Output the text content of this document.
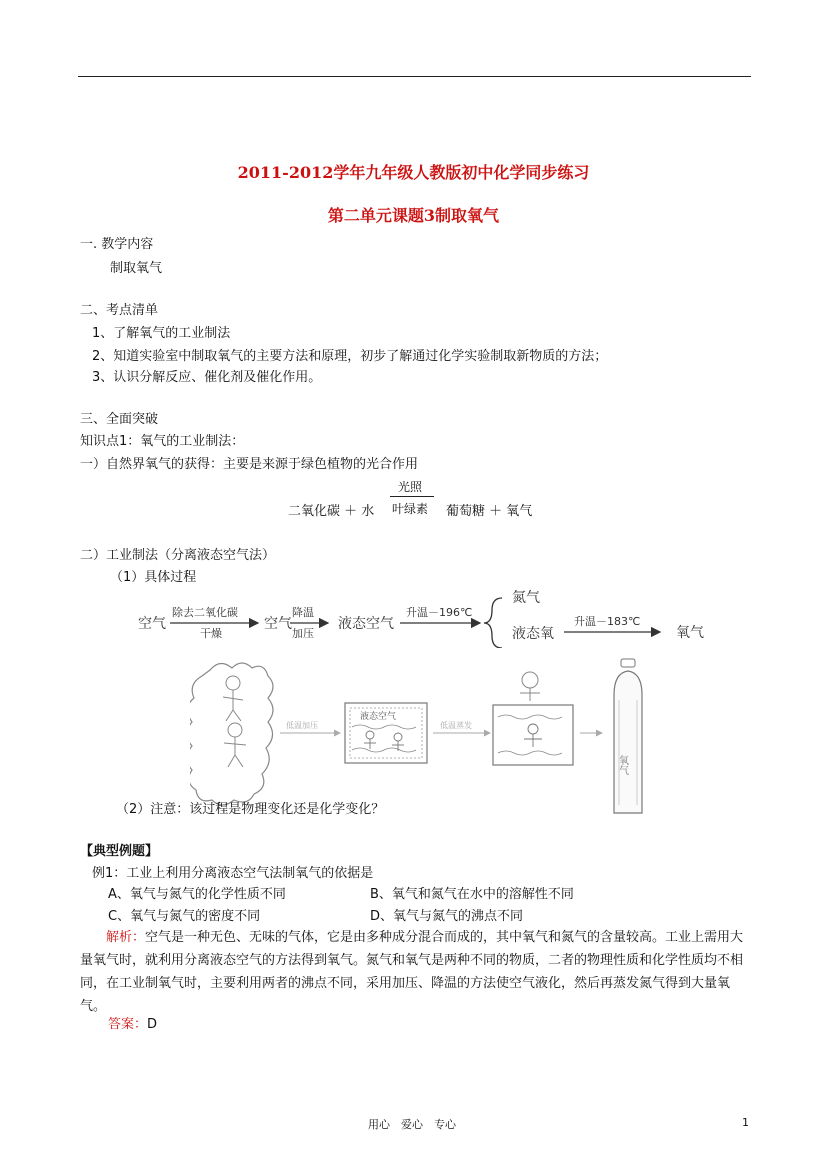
2011-2012学年九年级人教版初中化学同步练习
第二单元课题3制取氧气
一. 教学内容
制取氧气
二、考点清单
1、了解氧气的工业制法
2、知道实验室中制取氧气的主要方法和原理，初步了解通过化学实验制取新物质的方法；
3、认识分解反应、催化剂及催化作用。
三、全面突破
知识点1：氧气的工业制法：
一）自然界氧气的获得：主要是来源于绿色植物的光合作用
二氧化碳 ＋ 水
光照
叶绿素 葡萄糖 ＋ 氧气
二）工业制法（分离液态空气法）
（1）具体过程
空气
除去二氧化碳
干燥
空气
降温
加压
液态空气
升温－196℃
氮气
液态氧
升温－183℃
氧气
低温加压
液态空气
低温蒸发
氧气
（2）注意：该过程是物理变化还是化学变化？
【典型例题】
例1：工业上利用分离液态空气法制氧气的依据是
A、氧气与氮气的化学性质不同	B、氧气和氮气在水中的溶解性不同
C、氧气与氮气的密度不同	D、氧气与氮气的沸点不同
解析：空气是一种无色、无味的气体，它是由多种成分混合而成的，其中氧气和氮气的含量较高。工业上需用大量氧气时，就利用分离液态空气的方法得到氧气。氮气和氧气是两种不同的物质，二者的物理性质和化学性质均不相同，在工业制氧气时，主要利用两者的沸点不同，采用加压、降温的方法使空气液化，然后再蒸发氮气得到大量氧气。
答案：D
用心　爱心　专心	1
